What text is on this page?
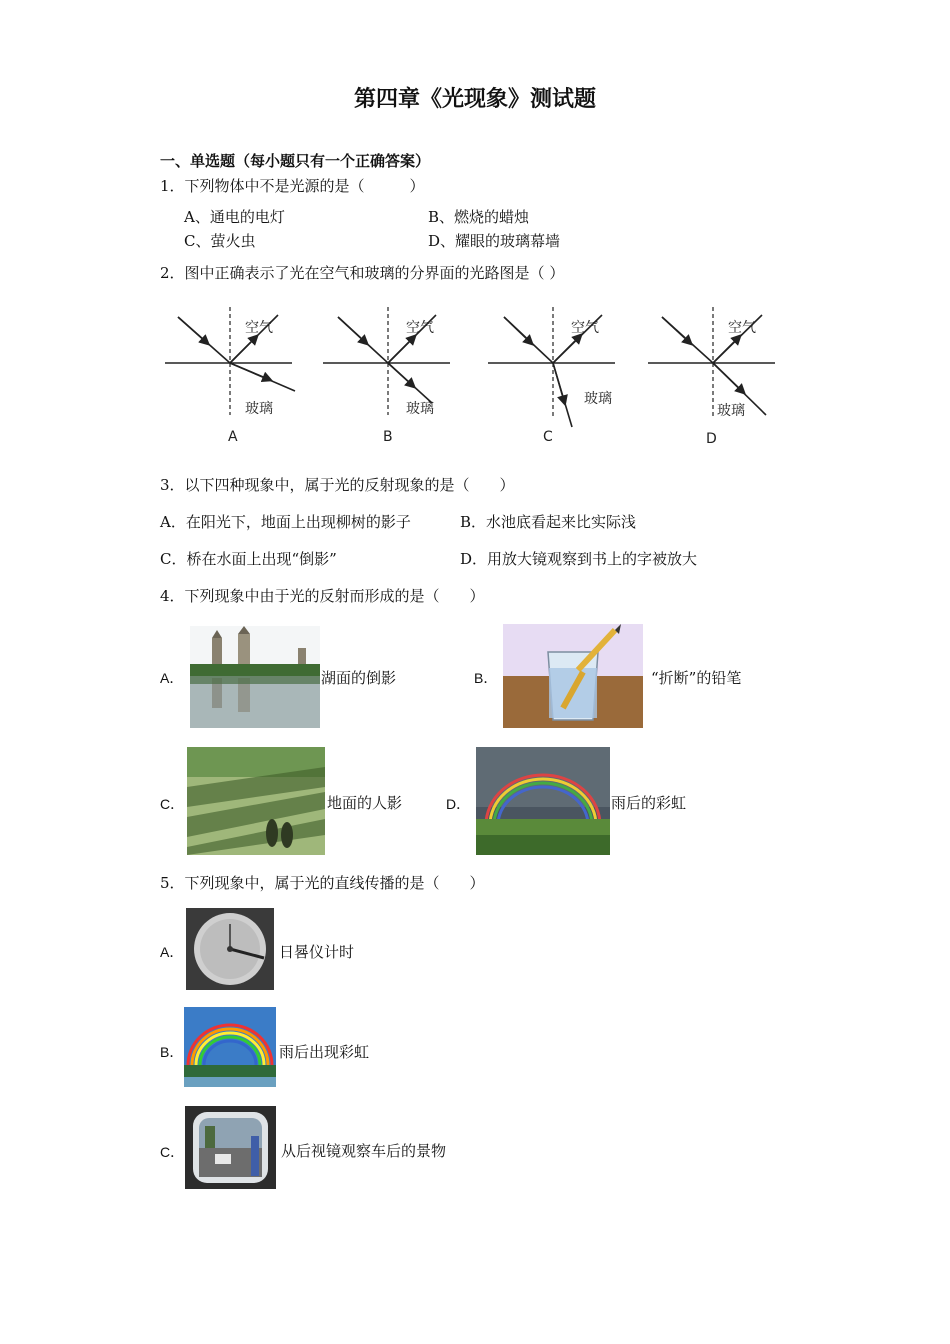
第四章《光现象》测试题
一、单选题（每小题只有一个正确答案）
1．下列物体中不是光源的是（　　　）
A、通电的电灯	B、燃烧的蜡烛
C、萤火虫	D、耀眼的玻璃幕墙
2．图中正确表示了光在空气和玻璃的分界面的光路图是（ ）
空气
玻璃
A
空气
玻璃
B
空气
玻璃
C
空气
玻璃
D
3．以下四种现象中，属于光的反射现象的是（　　）
A．在阳光下，地面上出现柳树的影子	B．水池底看起来比实际浅
C．桥在水面上出现“倒影”	D．用放大镜观察到书上的字被放大
4．下列现象中由于光的反射而形成的是（　　）
A．	湖面的倒影	B．	“折断”的铅笔
C．	地面的人影	D．	雨后的彩虹
5．下列现象中，属于光的直线传播的是（　　）
A．	日晷仪计时
B．	雨后出现彩虹
C．	从后视镜观察车后的景物
